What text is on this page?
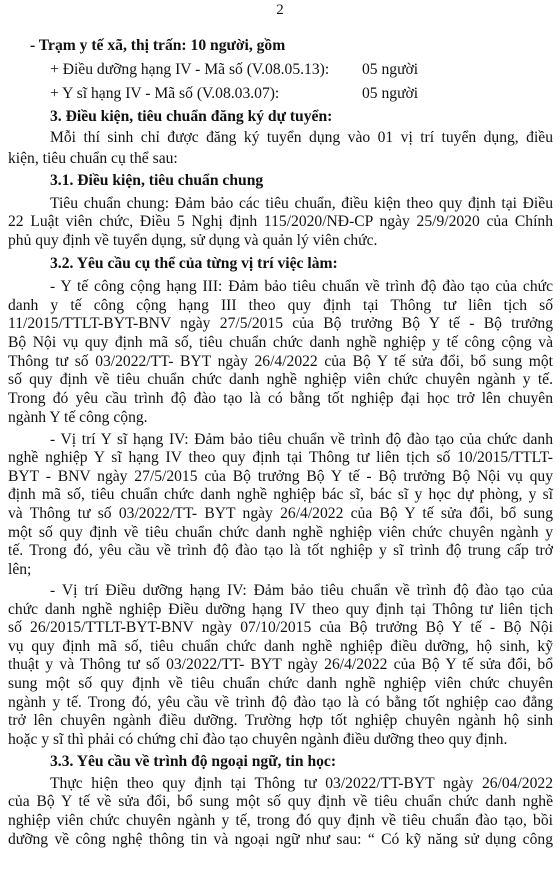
2
- Trạm y tế xã, thị trấn: 10 người, gồm
+ Điều dưỡng hạng IV - Mã số (V.08.05.13): 05 người
+ Y sĩ hạng IV - Mã số (V.08.03.07):	05 người
3. Điều kiện, tiêu chuẩn đăng ký dự tuyển:
Mỗi thí sinh chỉ được đăng ký tuyển dụng vào 01 vị trí tuyển dụng, điều
kiện, tiêu chuẩn cụ thể sau:
3.1. Điều kiện, tiêu chuẩn chung
Tiêu chuẩn chung: Đảm bảo các tiêu chuẩn, điều kiện theo quy định tại Điều
22 Luật viên chức, Điều 5 Nghị định 115/2020/NĐ-CP ngày 25/9/2020 của Chính
phủ quy định về tuyển dụng, sử dụng và quản lý viên chức.
3.2. Yêu cầu cụ thể của từng vị trí việc làm:
- Y tế công cộng hạng III: Đảm bảo tiêu chuẩn về trình độ đào tạo của chức
danh y tế công cộng hạng III theo quy định tại Thông tư liên tịch số
11/2015/TTLT-BYT-BNV ngày 27/5/2015 của Bộ trưởng Bộ Y tế - Bộ trưởng
Bộ Nội vụ quy định mã số, tiêu chuẩn chức danh nghề nghiệp y tế công cộng và
Thông tư số 03/2022/TT- BYT ngày 26/4/2022 của Bộ Y tế sửa đổi, bổ sung một
số quy định về tiêu chuẩn chức danh nghề nghiệp viên chức chuyên ngành y tế.
Trong đó yêu cầu trình độ đào tạo là có bằng tốt nghiệp đại học trở lên chuyên
ngành Y tế công cộng.
- Vị trí Y sĩ hạng IV: Đảm bảo tiêu chuẩn về trình độ đào tạo của chức danh
nghề nghiệp Y sĩ hạng IV theo quy định tại Thông tư liên tịch số 10/2015/TTLT-
BYT - BNV ngày 27/5/2015 của Bộ trưởng Bộ Y tế - Bộ trưởng Bộ Nội vụ quy
định mã số, tiêu chuẩn chức danh nghề nghiệp bác sĩ, bác sĩ y học dự phòng, y sĩ
và Thông tư số 03/2022/TT- BYT ngày 26/4/2022 của Bộ Y tế sửa đổi, bổ sung
một số quy định về tiêu chuẩn chức danh nghề nghiệp viên chức chuyên ngành y
tế. Trong đó, yêu cầu về trình độ đào tạo là tốt nghiệp y sĩ trình độ trung cấp trở
lên;
- Vị trí Điều dưỡng hạng IV: Đảm bảo tiêu chuẩn về trình độ đào tạo của
chức danh nghề nghiệp Điều dưỡng hạng IV theo quy định tại Thông tư liên tịch
số 26/2015/TTLT-BYT-BNV ngày 07/10/2015 của Bộ trưởng Bộ Y tế - Bộ Nội
vụ quy định mã số, tiêu chuẩn chức danh nghề nghiệp điều dưỡng, hộ sinh, kỹ
thuật y và Thông tư số 03/2022/TT- BYT ngày 26/4/2022 của Bộ Y tế sửa đổi, bổ
sung một số quy định về tiêu chuẩn chức danh nghề nghiệp viên chức chuyên
ngành y tế. Trong đó, yêu cầu về trình độ đào tạo là có bằng tốt nghiệp cao đẳng
trở lên chuyên ngành điều dưỡng. Trường hợp tốt nghiệp chuyên ngành hộ sinh
hoặc y sĩ thì phải có chứng chỉ đào tạo chuyên ngành điều dưỡng theo quy định.
3.3. Yêu cầu về trình độ ngoại ngữ, tin học:
Thực hiện theo quy định tại Thông tư 03/2022/TT-BYT ngày 26/04/2022
của Bộ Y tế về sửa đổi, bổ sung một số quy định về tiêu chuẩn chức danh nghề
nghiệp viên chức chuyên ngành y tế, trong đó quy định về tiêu chuẩn đào tạo, bồi
dưỡng về công nghệ thông tin và ngoại ngữ như sau: “ Có kỹ năng sử dụng công
